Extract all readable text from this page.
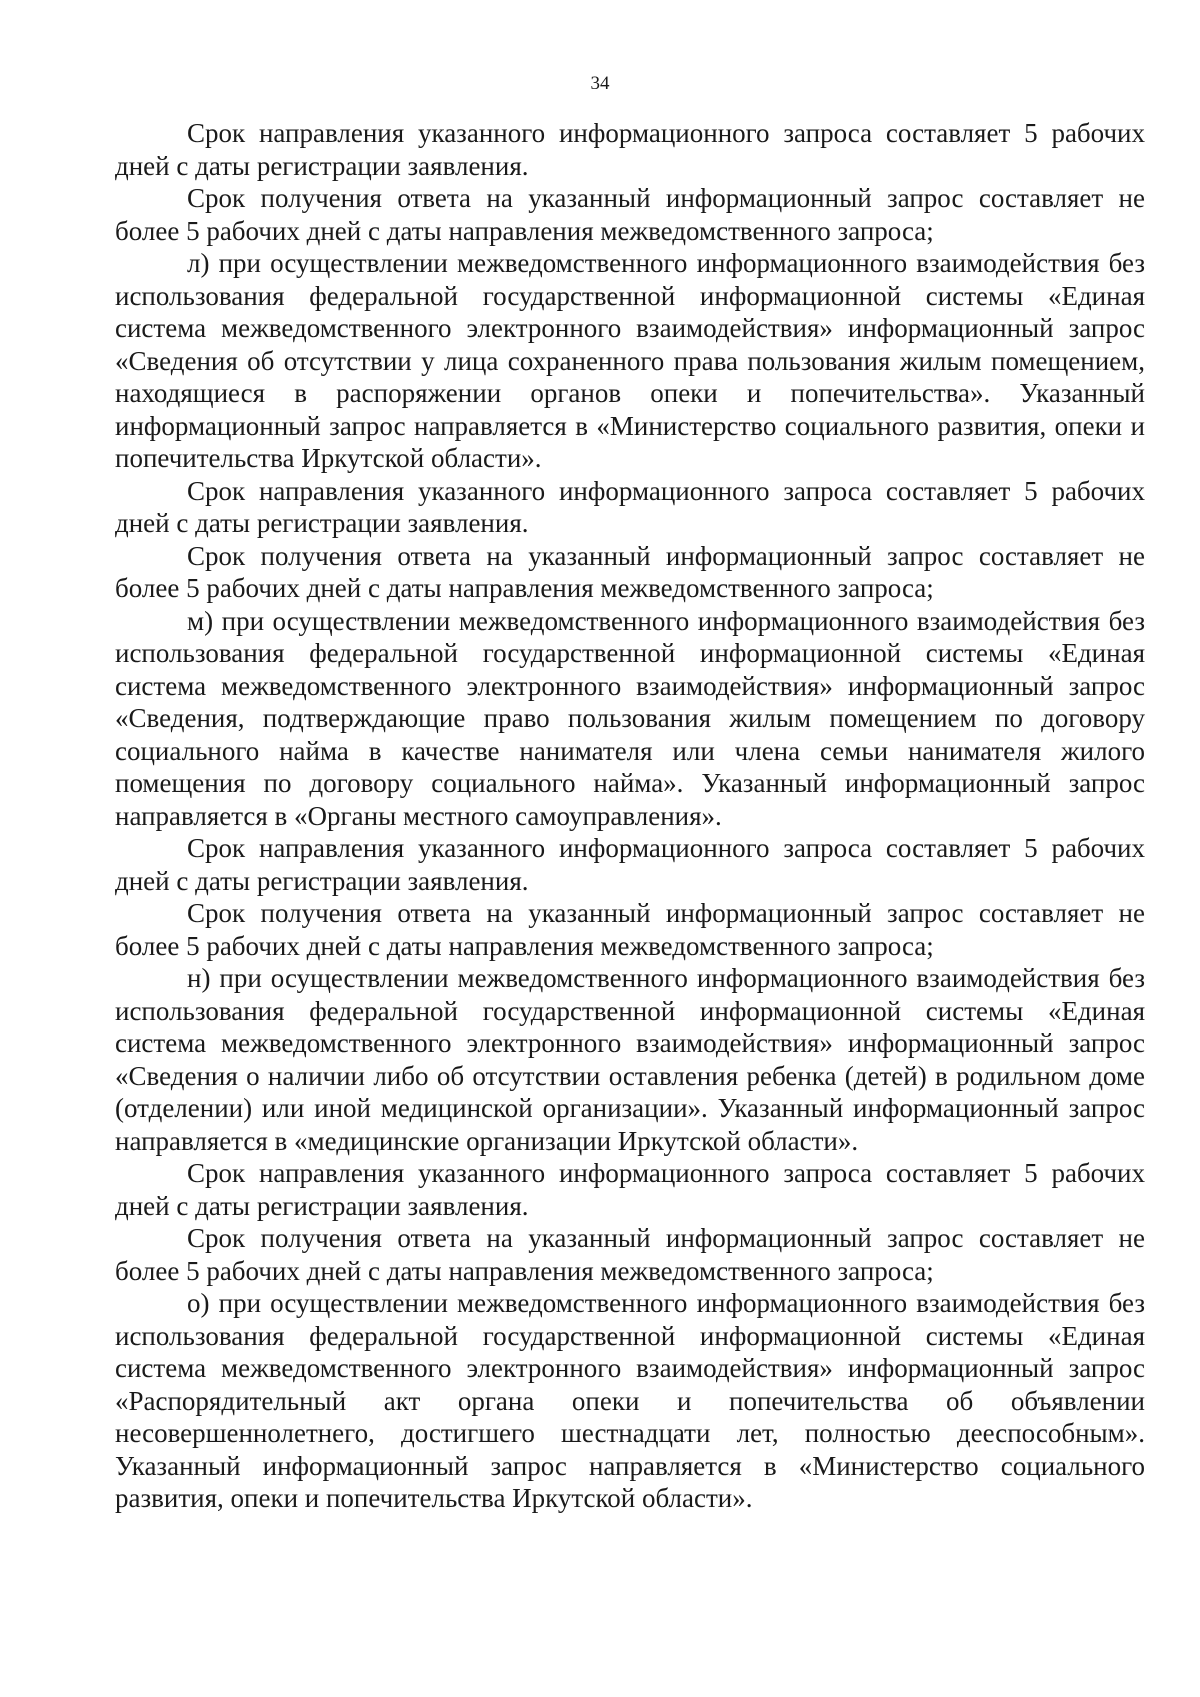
34

Срок направления указанного информационного запроса составляет 5 рабочих дней с даты регистрации заявления.

Срок получения ответа на указанный информационный запрос составляет не более 5 рабочих дней с даты направления межведомственного запроса;

л) при осуществлении межведомственного информационного взаимодействия без использования федеральной государственной информационной системы «Единая система межведомственного электронного взаимодействия» информационный запрос «Сведения об отсутствии у лица сохраненного права пользования жилым помещением, находящиеся в распоряжении органов опеки и попечительства». Указанный информационный запрос направляется в «Министерство социального развития, опеки и попечительства Иркутской области».

Срок направления указанного информационного запроса составляет 5 рабочих дней с даты регистрации заявления.

Срок получения ответа на указанный информационный запрос составляет не более 5 рабочих дней с даты направления межведомственного запроса;

м) при осуществлении межведомственного информационного взаимодействия без использования федеральной государственной информационной системы «Единая система межведомственного электронного взаимодействия» информационный запрос «Сведения, подтверждающие право пользования жилым помещением по договору социального найма в качестве нанимателя или члена семьи нанимателя жилого помещения по договору социального найма». Указанный информационный запрос направляется в «Органы местного самоуправления».

Срок направления указанного информационного запроса составляет 5 рабочих дней с даты регистрации заявления.

Срок получения ответа на указанный информационный запрос составляет не более 5 рабочих дней с даты направления межведомственного запроса;

н) при осуществлении межведомственного информационного взаимодействия без использования федеральной государственной информационной системы «Единая система межведомственного электронного взаимодействия» информационный запрос «Сведения о наличии либо об отсутствии оставления ребенка (детей) в родильном доме (отделении) или иной медицинской организации». Указанный информационный запрос направляется в «медицинские организации Иркутской области».

Срок направления указанного информационного запроса составляет 5 рабочих дней с даты регистрации заявления.

Срок получения ответа на указанный информационный запрос составляет не более 5 рабочих дней с даты направления межведомственного запроса;

о) при осуществлении межведомственного информационного взаимодействия без использования федеральной государственной информационной системы «Единая система межведомственного электронного взаимодействия» информационный запрос «Распорядительный акт органа опеки и попечительства об объявлении несовершеннолетнего, достигшего шестнадцати лет, полностью дееспособным». Указанный информационный запрос направляется в «Министерство социального развития, опеки и попечительства Иркутской области».
